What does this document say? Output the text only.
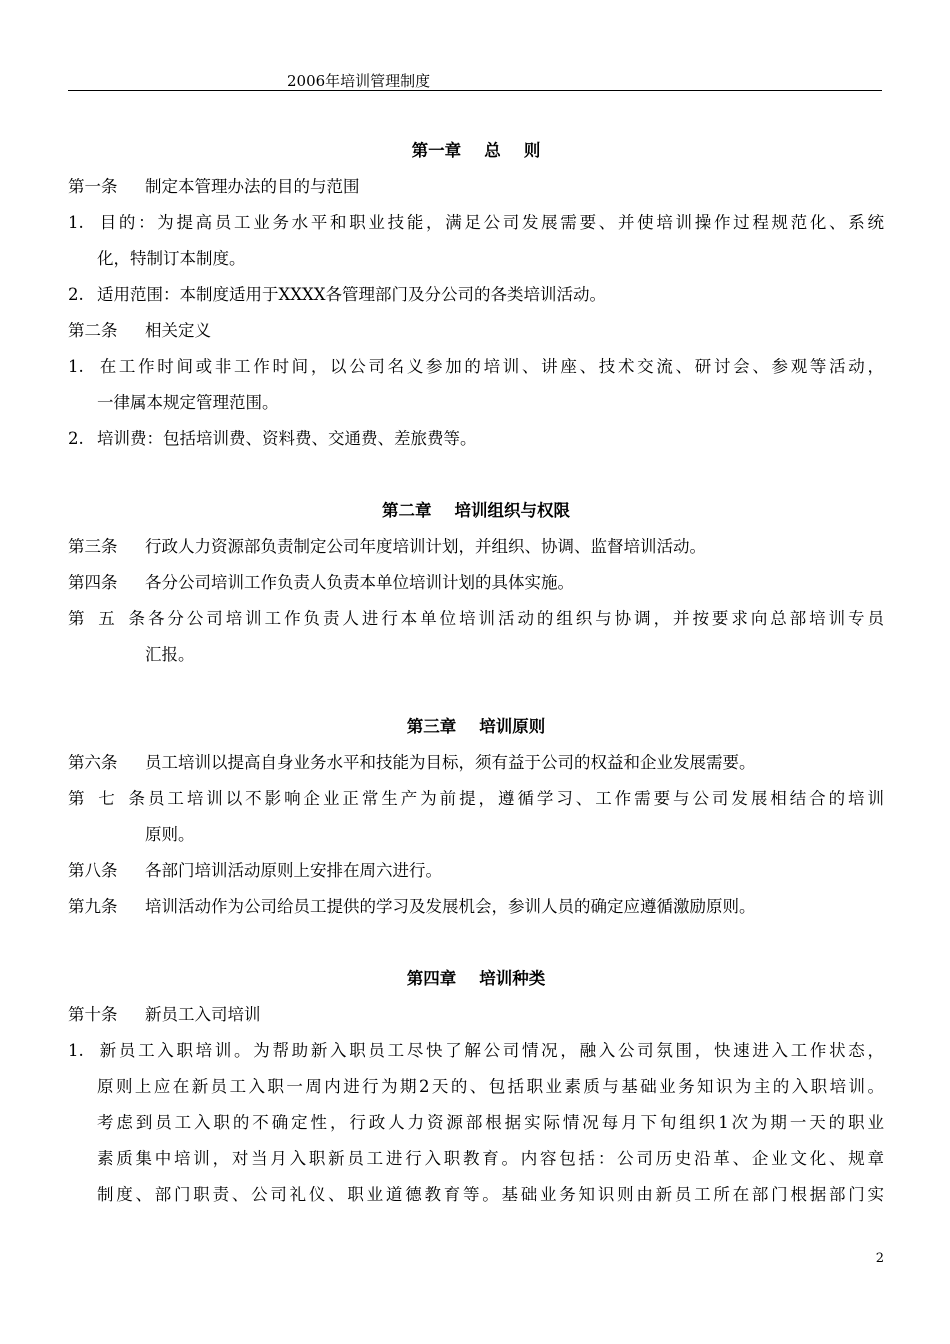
2006年培训管理制度
第一章 总 则
第一条 制定本管理办法的目的与范围
1. 目的：为提高员工业务水平和职业技能，满足公司发展需要、并使培训操作过程规范化、系统
化，特制订本制度。
2. 适用范围：本制度适用于XXXX各管理部门及分公司的各类培训活动。
第二条 相关定义
1. 在工作时间或非工作时间，以公司名义参加的培训、讲座、技术交流、研讨会、参观等活动，
一律属本规定管理范围。
2. 培训费：包括培训费、资料费、交通费、差旅费等。
第二章 培训组织与权限
第三条 行政人力资源部负责制定公司年度培训计划，并组织、协调、监督培训活动。
第四条 各分公司培训工作负责人负责本单位培训计划的具体实施。
第五条各分公司培训工作负责人进行本单位培训活动的组织与协调，并按要求向总部培训专员
汇报。
第三章 培训原则
第六条 员工培训以提高自身业务水平和技能为目标，须有益于公司的权益和企业发展需要。
第七条员工培训以不影响企业正常生产为前提，遵循学习、工作需要与公司发展相结合的培训
原则。
第八条 各部门培训活动原则上安排在周六进行。
第九条 培训活动作为公司给员工提供的学习及发展机会，参训人员的确定应遵循激励原则。
第四章 培训种类
第十条 新员工入司培训
1. 新员工入职培训。为帮助新入职员工尽快了解公司情况，融入公司氛围，快速进入工作状态，
原则上应在新员工入职一周内进行为期2天的、包括职业素质与基础业务知识为主的入职培训。
考虑到员工入职的不确定性，行政人力资源部根据实际情况每月下旬组织1次为期一天的职业
素质集中培训，对当月入职新员工进行入职教育。内容包括：公司历史沿革、企业文化、规章
制度、部门职责、公司礼仪、职业道德教育等。基础业务知识则由新员工所在部门根据部门实
2
